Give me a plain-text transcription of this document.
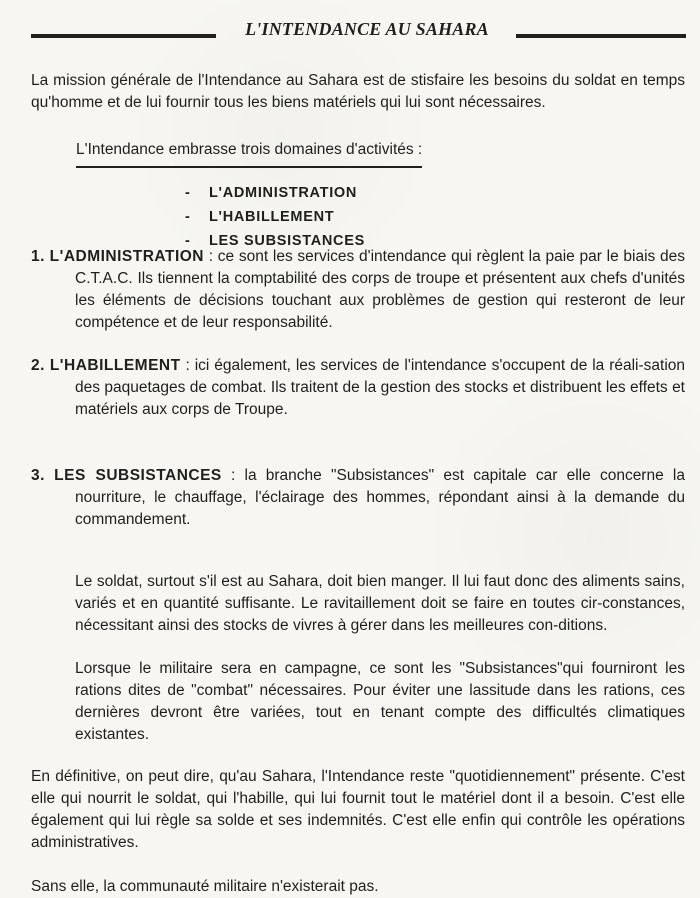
L'INTENDANCE AU SAHARA

La mission générale de l'Intendance au Sahara est de stisfaire les besoins du soldat en temps qu'homme et de lui fournir tous les biens matériels qui lui sont nécessaires.

L'Intendance embrasse trois domaines d'activités :
-	L'ADMINISTRATION
-	L'HABILLEMENT
-	LES SUBSISTANCES

1. L'ADMINISTRATION : ce sont les services d'intendance qui règlent la paie par le biais des C.T.A.C. Ils tiennent la comptabilité des corps de troupe et présentent aux chefs d'unités les éléments de décisions touchant aux problèmes de gestion qui resteront de leur compétence et de leur responsabilité.

2. L'HABILLEMENT : ici également, les services de l'intendance s'occupent de la réali-sation des paquetages de combat. Ils traitent de la gestion des stocks et distribuent les effets et matériels aux corps de Troupe.

3. LES SUBSISTANCES : la branche "Subsistances" est capitale car elle concerne la nourriture, le chauffage, l'éclairage des hommes, répondant ainsi à la demande du commandement.

Le soldat, surtout s'il est au Sahara, doit bien manger. Il lui faut donc des aliments sains, variés et en quantité suffisante. Le ravitaillement doit se faire en toutes cir-constances, nécessitant ainsi des stocks de vivres à gérer dans les meilleures con-ditions.

Lorsque le militaire sera en campagne, ce sont les "Subsistances"qui fourniront les rations dites de "combat" nécessaires. Pour éviter une lassitude dans les rations, ces dernières devront être variées, tout en tenant compte des difficultés climatiques existantes.

En définitive, on peut dire, qu'au Sahara, l'Intendance reste "quotidiennement" présente. C'est elle qui nourrit le soldat, qui l'habille, qui lui fournit tout le matériel dont il a besoin. C'est elle également qui lui règle sa solde et ses indemnités. C'est elle enfin qui contrôle les opérations administratives.

Sans elle, la communauté militaire n'existerait pas.
